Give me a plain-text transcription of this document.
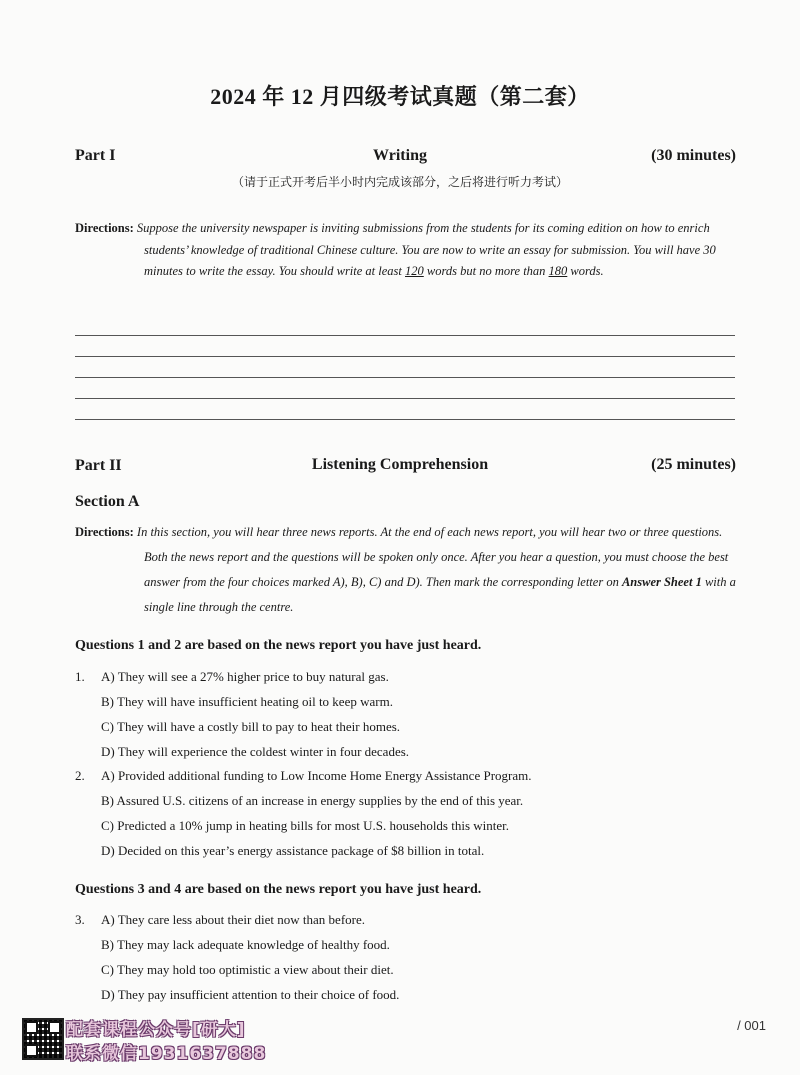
2024 年 12 月四级考试真题（第二套）
Part I	Writing	(30 minutes)
（请于正式开考后半小时内完成该部分，之后将进行听力考试）
Directions: Suppose the university newspaper is inviting submissions from the students for its coming edition on how to enrich students’ knowledge of traditional Chinese culture. You are now to write an essay for submission. You will have 30 minutes to write the essay. You should write at least 120 words but no more than 180 words.
Part II	Listening Comprehension	(25 minutes)
Section A
Directions: In this section, you will hear three news reports. At the end of each news report, you will hear two or three questions. Both the news report and the questions will be spoken only once. After you hear a question, you must choose the best answer from the four choices marked A), B), C) and D). Then mark the corresponding letter on Answer Sheet 1 with a single line through the centre.
Questions 1 and 2 are based on the news report you have just heard.
1. A) They will see a 27% higher price to buy natural gas.
B) They will have insufficient heating oil to keep warm.
C) They will have a costly bill to pay to heat their homes.
D) They will experience the coldest winter in four decades.
2. A) Provided additional funding to Low Income Home Energy Assistance Program.
B) Assured U.S. citizens of an increase in energy supplies by the end of this year.
C) Predicted a 10% jump in heating bills for most U.S. households this winter.
D) Decided on this year’s energy assistance package of $8 billion in total.
Questions 3 and 4 are based on the news report you have just heard.
3. A) They care less about their diet now than before.
B) They may lack adequate knowledge of healthy food.
C) They may hold too optimistic a view about their diet.
D) They pay insufficient attention to their choice of food.
配套课程公众号[研大]
联系微信1931637888
/ 001
